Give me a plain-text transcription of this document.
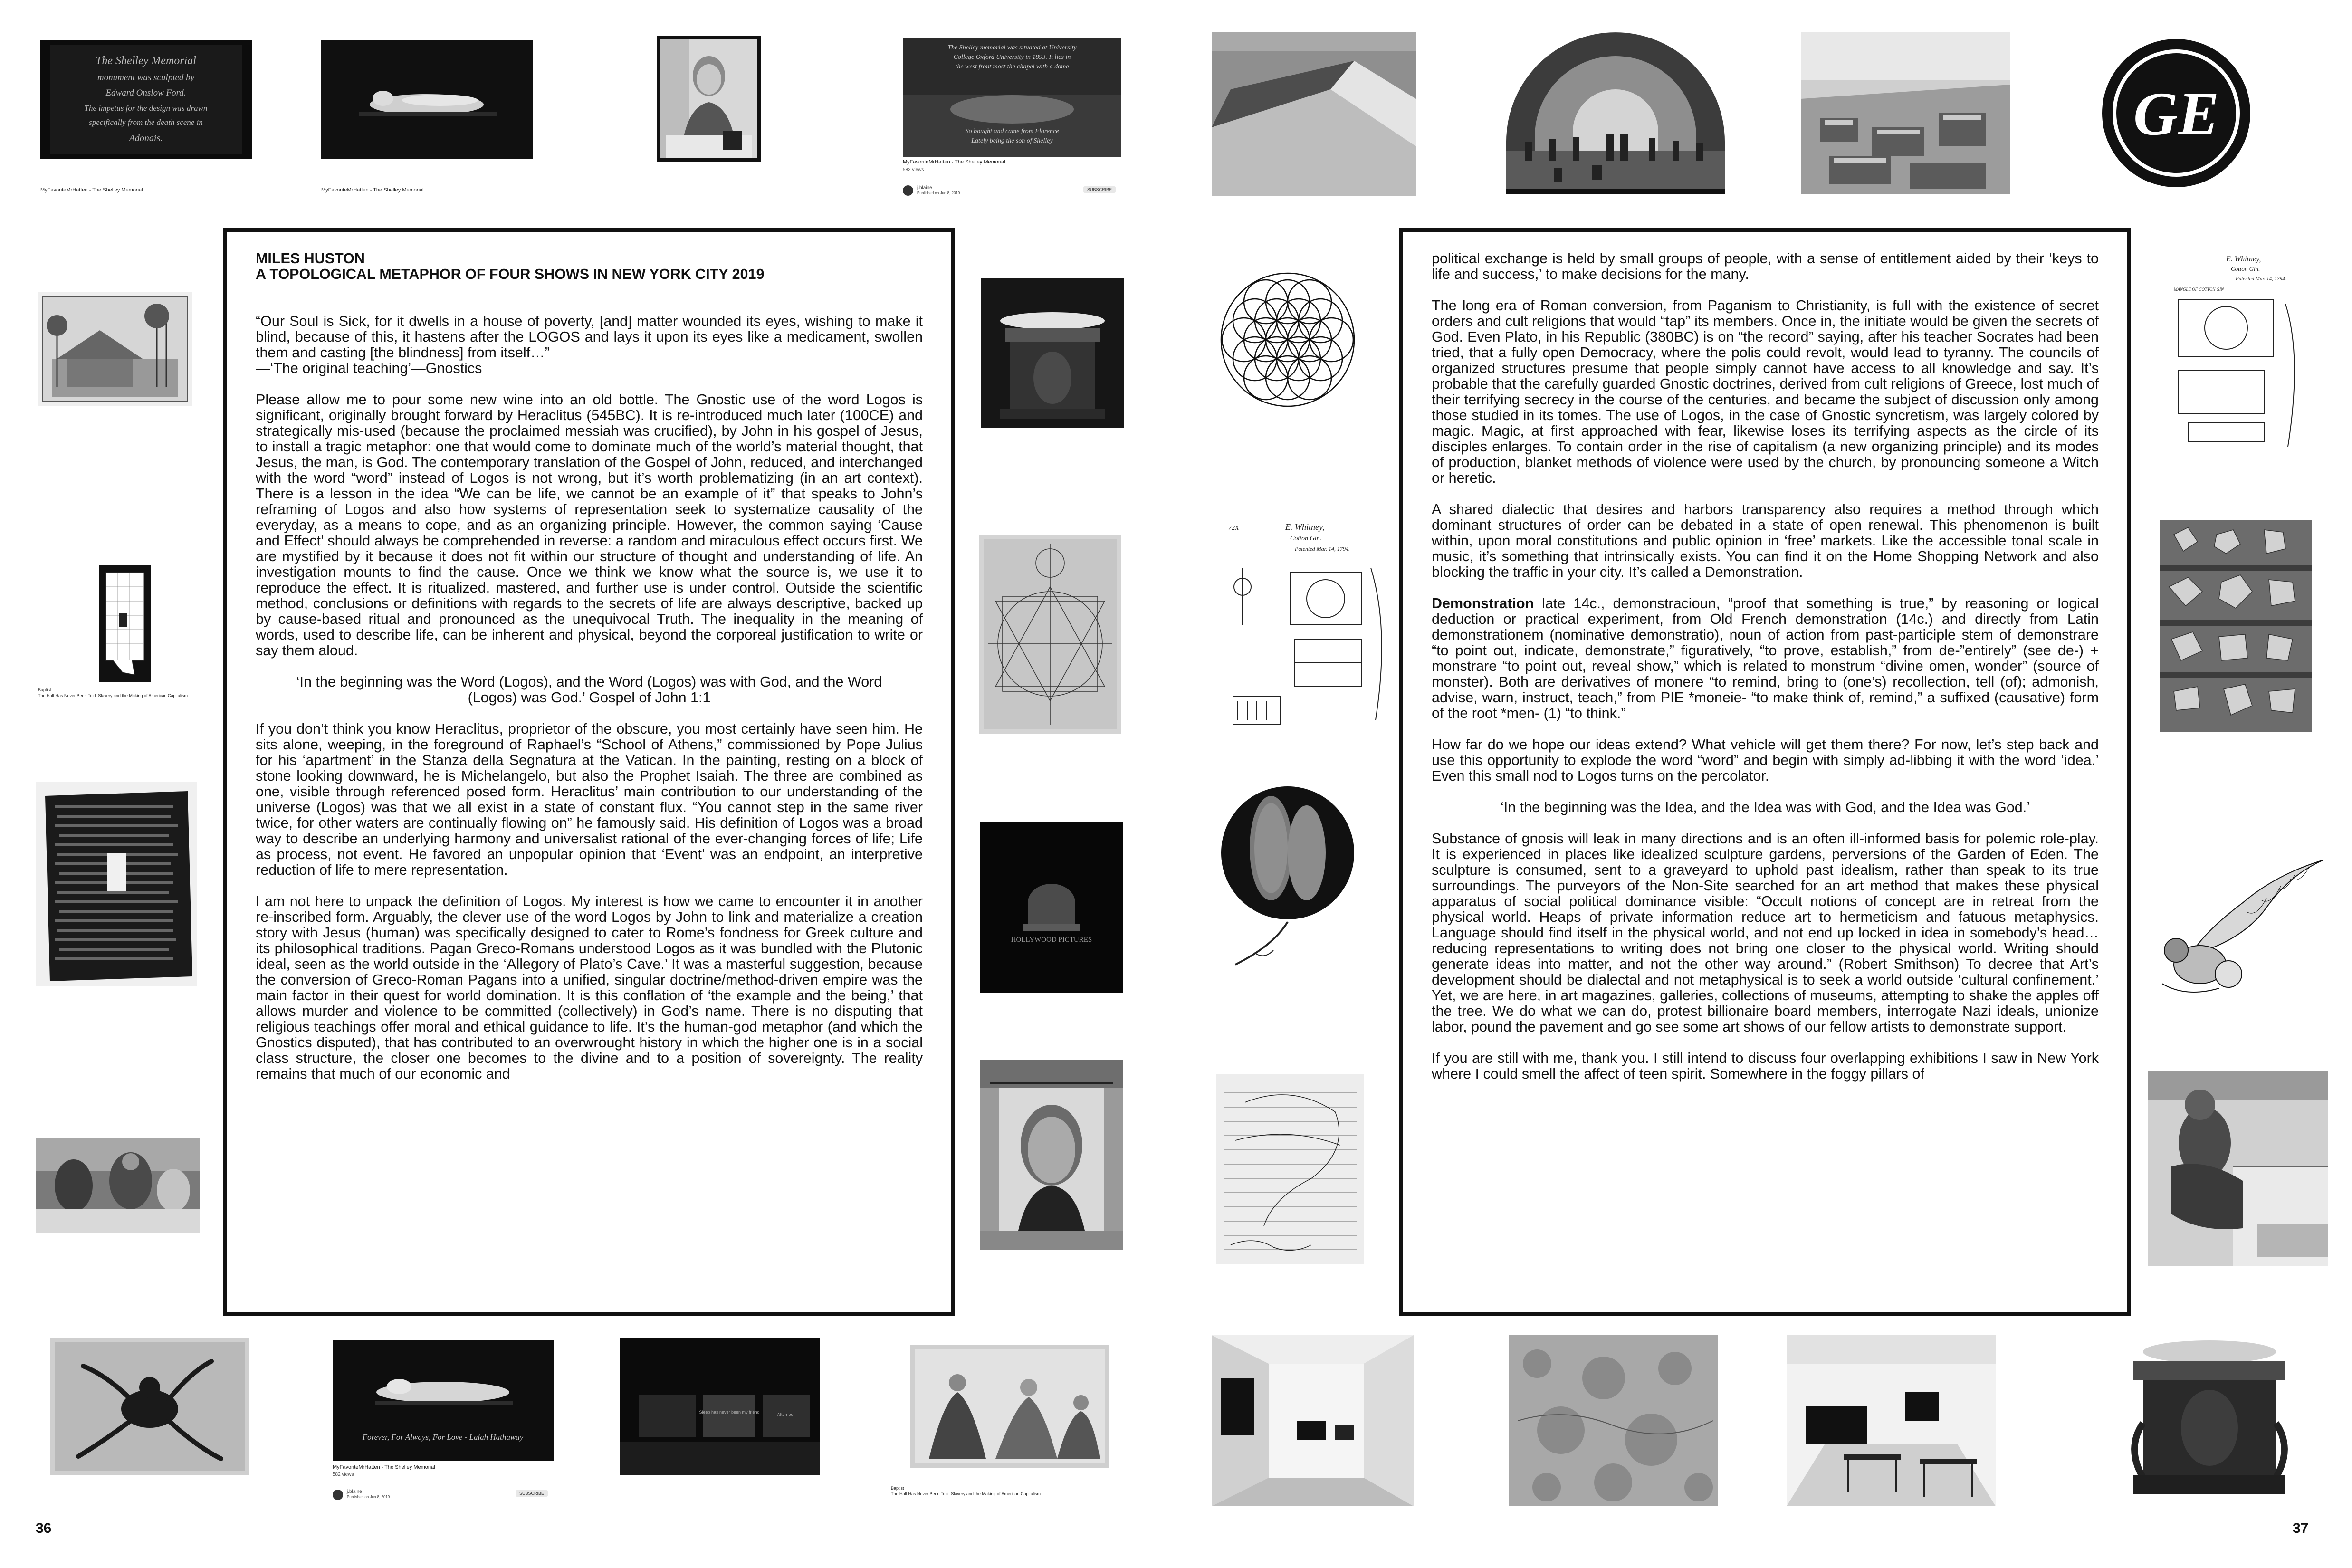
The Shelley Memorial
monument was sculpted by
Edward Onslow Ford.
The impetus for the design was drawn
specifically from the death scene in
Adonais.
MyFavoriteMrHatten - The Shelley Memorial	MyFavoriteMrHatten - The Shelley Memorial
The Shelley memorial was situated at University
College Oxford University in 1893. It lies in
the west front most the chapel with a dome
So bought and came from Florence
Lately being the son of Shelley
MyFavoriteMrHatten - The Shelley Memorial
582 views
j.blaine
Published on Jun 8, 2019
SUBSCRIBE
GE
Baptist
The Half Has Never Been Told: Slavery and the Making of American Capitalism
HOLLYWOOD PICTURES
E. Whitney,
Cotton Gin.
Patented Mar. 14, 1794.
72X
E. Whitney,
Cotton Gin.
Patented Mar. 14, 1794.
MANGLE OF COTTON GIN
Forever, For Always, For Love - Lalah Hathaway
MyFavoriteMrHatten - The Shelley Memorial
582 views
j.blaine
Published on Jun 8, 2019
SUBSCRIBE
Sleep has never been my friend	Afternoon
Baptist
The Half Has Never Been Told: Slavery and the Making of American Capitalism
MILES HUSTON
A TOPOLOGICAL METAPHOR OF FOUR SHOWS IN NEW YORK CITY 2019

“Our Soul is Sick, for it dwells in a house of poverty, [and] matter wounded its eyes, wishing to make it blind, because of this, it hastens after the LOGOS and lays it upon its eyes like a medicament, swollen them and casting [the blindness] from itself…”

—‘The original teaching’—Gnostics

Please allow me to pour some new wine into an old bottle. The Gnostic use of the word Logos is significant, originally brought forward by Heraclitus (545BC). It is re-introduced much later (100CE) and strategically mis-used (because the proclaimed messiah was crucified), by John in his gospel of Jesus, to install a tragic metaphor: one that would come to dominate much of the world’s material thought, that Jesus, the man, is God. The contemporary translation of the Gospel of John, reduced, and interchanged with the word “word” instead of Logos is not wrong, but it’s worth problematizing (in an art context). There is a lesson in the idea “We can be life, we cannot be an example of it” that speaks to John’s reframing of Logos and also how systems of representation seek to systematize causality of the everyday, as a means to cope, and as an organizing principle. However, the common saying ‘Cause and Effect’ should always be comprehended in reverse: a random and miraculous effect occurs first. We are mystified by it because it does not fit within our structure of thought and understanding of life. An investigation mounts to find the cause. Once we think we know what the source is, we use it to reproduce the effect. It is ritualized, mastered, and further use is under control. Outside the scientific method, conclusions or definitions with regards to the secrets of life are always descriptive, backed up by cause-based ritual and pronounced as the unequivocal Truth. The inequality in the meaning of words, used to describe life, can be inherent and physical, beyond the corporeal justification to write or say them aloud.

‘In the beginning was the Word (Logos), and the Word (Logos) was with God, and the Word (Logos) was God.’ Gospel of John 1:1

If you don’t think you know Heraclitus, proprietor of the obscure, you most certainly have seen him. He sits alone, weeping, in the foreground of Raphael’s “School of Athens,” commissioned by Pope Julius for his ‘apartment’ in the Stanza della Segnatura at the Vatican. In the painting, resting on a block of stone looking downward, he is Michelangelo, but also the Prophet Isaiah. The three are combined as one, visible through referenced posed form. Heraclitus’ main contribution to our understanding of the universe (Logos) was that we all exist in a state of constant flux. “You cannot step in the same river twice, for other waters are continually flowing on” he famously said. His definition of Logos was a broad way to describe an underlying harmony and universalist rational of the ever-changing forces of life; Life as process, not event. He favored an unpopular opinion that ‘Event’ was an endpoint, an interpretive reduction of life to mere representation.

I am not here to unpack the definition of Logos. My interest is how we came to encounter it in another re-inscribed form. Arguably, the clever use of the word Logos by John to link and materialize a creation story with Jesus (human) was specifically designed to cater to Rome’s fondness for Greek culture and its philosophical traditions. Pagan Greco-Romans understood Logos as it was bundled with the Plutonic ideal, seen as the world outside in the ‘Allegory of Plato’s Cave.’ It was a masterful suggestion, because the conversion of Greco-Roman Pagans into a unified, singular doctrine/method-driven empire was the main factor in their quest for world domination. It is this conflation of ‘the example and the being,’ that allows murder and violence to be committed (collectively) in God’s name. There is no disputing that religious teachings offer moral and ethical guidance to life. It’s the human-god metaphor (and which the Gnostics disputed), that has contributed to an overwrought history in which the higher one is in a social class structure, the closer one becomes to the divine and to a position of sovereignty. The reality remains that much of our economic and

political exchange is held by small groups of people, with a sense of entitlement aided by their ‘keys to life and success,’ to make decisions for the many.

The long era of Roman conversion, from Paganism to Christianity, is full with the existence of secret orders and cult religions that would “tap” its members. Once in, the initiate would be given the secrets of God. Even Plato, in his Republic (380BC) is on “the record” saying, after his teacher Socrates had been tried, that a fully open Democracy, where the polis could revolt, would lead to tyranny. The councils of organized structures presume that people simply cannot have access to all knowledge and say. It’s probable that the carefully guarded Gnostic doctrines, derived from cult religions of Greece, lost much of their terrifying secrecy in the course of the centuries, and became the subject of discussion only among those studied in its tomes. The use of Logos, in the case of Gnostic syncretism, was largely colored by magic. Magic, at first approached with fear, likewise loses its terrifying aspects as the circle of its disciples enlarges. To contain order in the rise of capitalism (a new organizing principle) and its modes of production, blanket methods of violence were used by the church, by pronouncing someone a Witch or heretic.

A shared dialectic that desires and harbors transparency also requires a method through which dominant structures of order can be debated in a state of open renewal. This phenomenon is built within, upon moral constitutions and public opinion in ‘free’ markets. Like the accessible tonal scale in music, it’s something that intrinsically exists. You can find it on the Home Shopping Network and also blocking the traffic in your city. It’s called a Demonstration.

Demonstration late 14c., demonstracioun, “proof that something is true,” by reasoning or logical deduction or practical experiment, from Old French demonstration (14c.) and directly from Latin demonstrationem (nominative demonstratio), noun of action from past-participle stem of demonstrare “to point out, indicate, demonstrate,” figuratively, “to prove, establish,” from de-”entirely” (see de-) + monstrare “to point out, reveal show,” which is related to monstrum “divine omen, wonder” (source of monster). Both are derivatives of monere “to remind, bring to (one’s) recollection, tell (of); admonish, advise, warn, instruct, teach,” from PIE *moneie- “to make think of, remind,” a suffixed (causative) form of the root *men- (1) “to think.”

How far do we hope our ideas extend? What vehicle will get them there? For now, let’s step back and use this opportunity to explode the word “word” and begin with simply ad-libbing it with the word ‘idea.’ Even this small nod to Logos turns on the percolator.

‘In the beginning was the Idea, and the Idea was with God, and the Idea was God.’

Substance of gnosis will leak in many directions and is an often ill-informed basis for polemic role-play. It is experienced in places like idealized sculpture gardens, perversions of the Garden of Eden. The sculpture is consumed, sent to a graveyard to uphold past idealism, rather than speak to its true surroundings. The purveyors of the Non-Site searched for an art method that makes these physical apparatus of social political dominance visible: “Occult notions of concept are in retreat from the physical world. Heaps of private information reduce art to hermeticism and fatuous metaphysics. Language should find itself in the physical world, and not end up locked in idea in somebody’s head… reducing representations to writing does not bring one closer to the physical world. Writing should generate ideas into matter, and not the other way around.” (Robert Smithson) To decree that Art’s development should be dialectal and not metaphysical is to seek a world outside ‘cultural confinement.’ Yet, we are here, in art magazines, galleries, collections of museums, attempting to shake the apples off the tree. We do what we can do, protest billionaire board members, interrogate Nazi ideals, unionize labor, pound the pavement and go see some art shows of our fellow artists to demonstrate support.

If you are still with me, thank you. I still intend to discuss four overlapping exhibitions I saw in New York where I could smell the affect of teen spirit. Somewhere in the foggy pillars of

36	37
